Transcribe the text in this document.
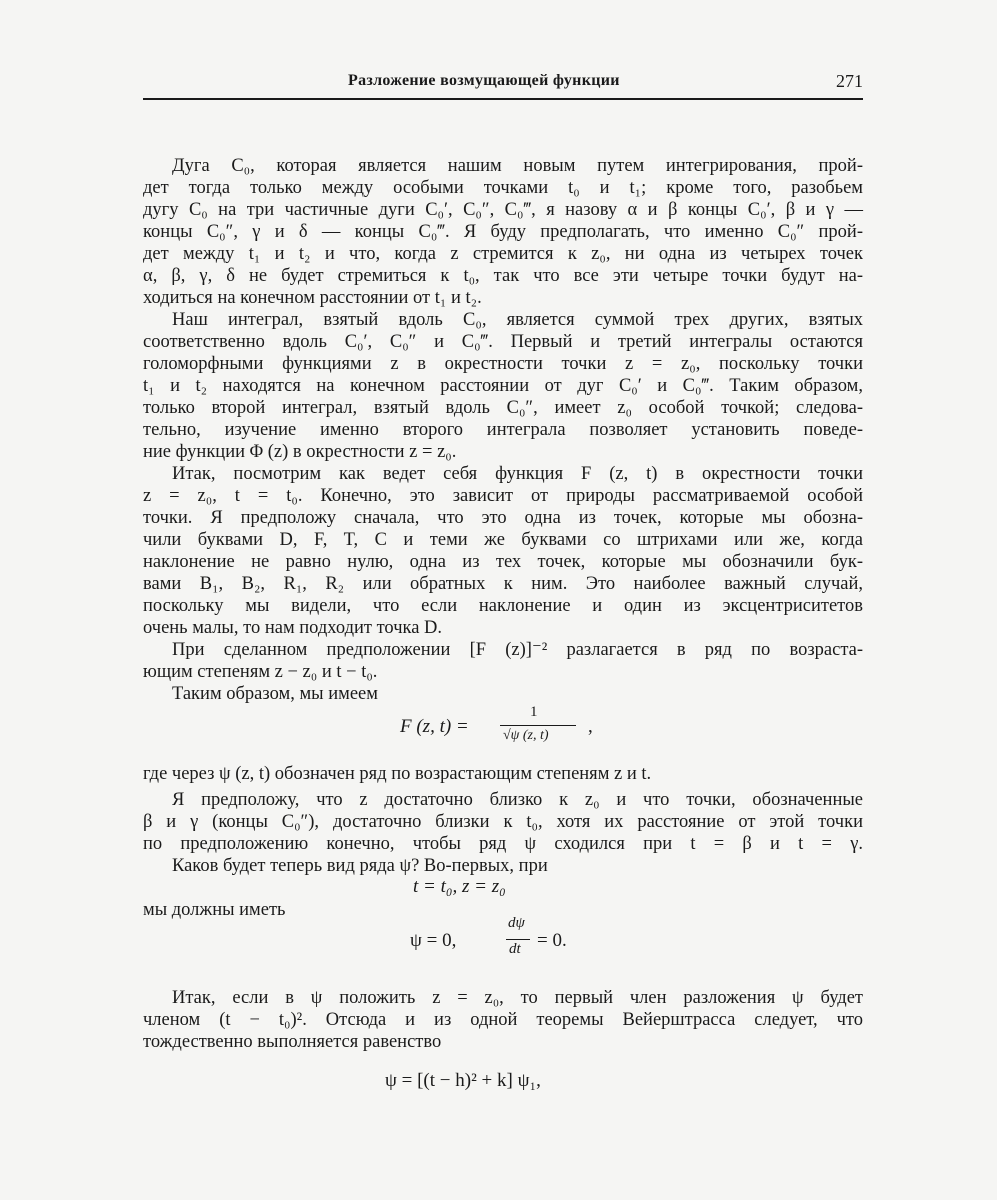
Разложение возмущающей функции	271
Дуга C₀, которая является нашим новым путем интегрирования, прой-
дет тогда только между особыми точками t₀ и t₁; кроме того, разобьем
дугу C₀ на три частичные дуги C₀′, C₀″, C₀‴, я назову α и β концы C₀′, β и γ —
концы C₀″, γ и δ — концы C₀‴. Я буду предполагать, что именно C₀″ прой-
дет между t₁ и t₂ и что, когда z стремится к z₀, ни одна из четырех точек
α, β, γ, δ не будет стремиться к t₀, так что все эти четыре точки будут на-
ходиться на конечном расстоянии от t₁ и t₂.
Наш интеграл, взятый вдоль C₀, является суммой трех других, взятых
соответственно вдоль C₀′, C₀″ и C₀‴. Первый и третий интегралы остаются
голоморфными функциями z в окрестности точки z = z₀, поскольку точки
t₁ и t₂ находятся на конечном расстоянии от дуг C₀′ и C₀‴. Таким образом,
только второй интеграл, взятый вдоль C₀″, имеет z₀ особой точкой; следова-
тельно, изучение именно второго интеграла позволяет установить поведе-
ние функции Φ (z) в окрестности z = z₀.
Итак, посмотрим как ведет себя функция F (z, t) в окрестности точки
z = z₀, t = t₀. Конечно, это зависит от природы рассматриваемой особой
точки. Я предположу сначала, что это одна из точек, которые мы обозна-
чили буквами D, F, T, C и теми же буквами со штрихами или же, когда
наклонение не равно нулю, одна из тех точек, которые мы обозначили бук-
вами B₁, B₂, R₁, R₂ или обратных к ним. Это наиболее важный случай,
поскольку мы видели, что если наклонение и один из эксцентриситетов
очень малы, то нам подходит точка D.
При сделанном предположении [F (z)]⁻² разлагается в ряд по возраста-
ющим степеням z − z₀ и t − t₀.
Таким образом, мы имеем
F (z, t) =
1
√ψ (z, t) ,
где через ψ (z, t) обозначен ряд по возрастающим степеням z и t.
Я предположу, что z достаточно близко к z₀ и что точки, обозначенные
β и γ (концы C₀″), достаточно близки к t₀, хотя их расстояние от этой точки
по предположению конечно, чтобы ряд ψ сходился при t = β и t = γ.
Каков будет теперь вид ряда ψ? Во-первых, при
t = t₀, z = z₀
мы должны иметь
ψ = 0,
dψ
dt = 0.
Итак, если в ψ положить z = z₀, то первый член разложения ψ будет
членом (t − t₀)². Отсюда и из одной теоремы Вейерштрасса следует, что
тождественно выполняется равенство
ψ = [(t − h)² + k] ψ₁,
